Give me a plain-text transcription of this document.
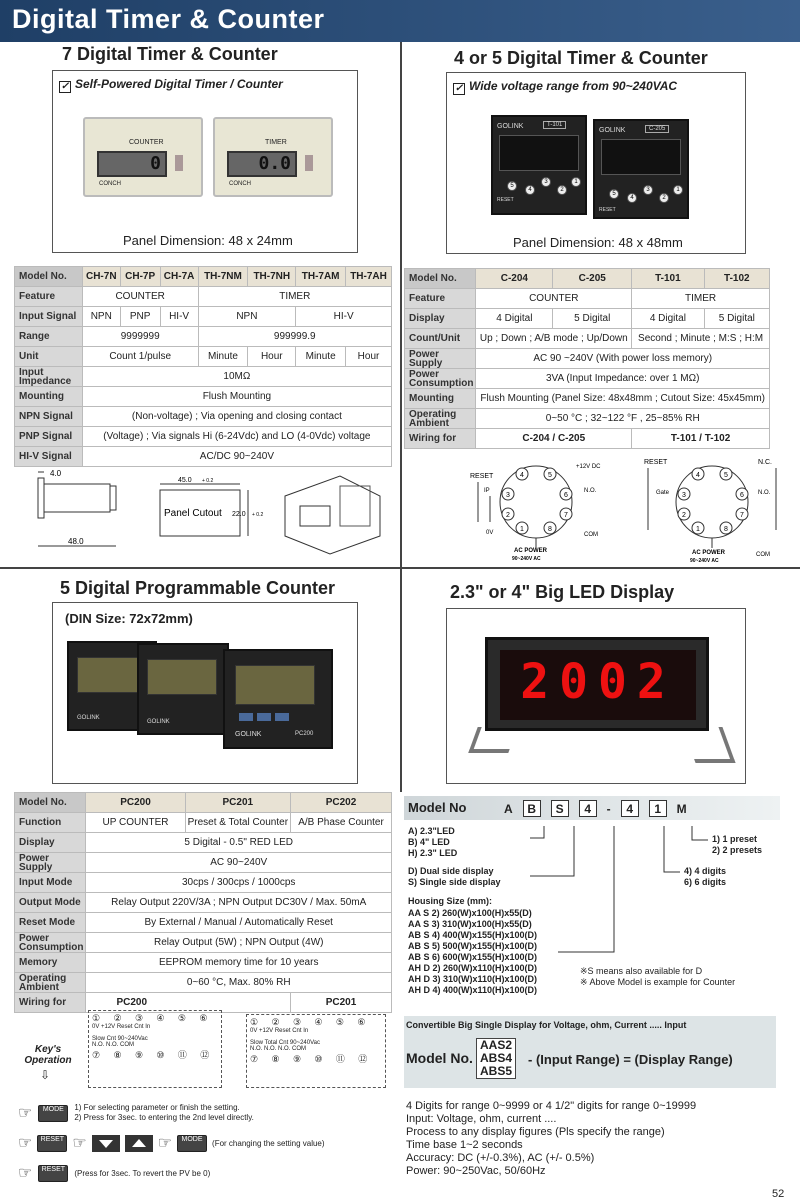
Digital Timer & Counter
7 Digital Timer & Counter
✓ Self-Powered Digital Timer / Counter
COUNTER
0
CONCH
TIMER
0.0
CONCH
Panel Dimension: 48 x 24mm
Model No.	CH-7N	CH-7P	CH-7A	TH-7NM	TH-7NH	TH-7AM	TH-7AH
Feature	COUNTER			TIMER			
Input Signal	NPN	PNP	HI-V	NPN		HI-V	
Range	9999999			999999.9			
Unit	Count 1/pulse			Minute	Hour	Minute	Hour
Input Impedance	10MΩ						
Mounting	Flush Mounting						
NPN Signal	(Non-voltage) ; Via opening and closing contact						
PNP Signal	(Voltage) ; Via signals Hi (6-24Vdc) and LO (4-0Vdc) voltage						
HI-V Signal	AC/DC 90~240V						
4.0
48.0
45.0 + 0.2
Panel Cutout 22.0 + 0.2
4 or 5 Digital Timer & Counter
✓ Wide voltage range from 90~240VAC
GOLINK	T-101
5
4
3
2
1
RESET
GOLINK	C-205
5
4
3
2
1
RESET
Panel Dimension: 48 x 48mm
Model No.	C-204	C-205	T-101	T-102
Feature	COUNTER		TIMER	
Display	4 Digital	5 Digital	4 Digital	5 Digital
Count/Unit	Up ; Down ; A/B mode ; Up/Down		Second ; Minute ; M:S ; H:M	
Power Supply	AC 90 ~240V (With power loss memory)			
Power Consumption	3VA (Input Impedance: over 1 MΩ)			
Mounting	Flush Mounting (Panel Size: 48x48mm ; Cutout Size: 45x45mm)			
Operating Ambient	0~50 °C ; 32~122 °F , 25~85% RH			
Wiring for	C-204 / C-205		T-101 / T-102	
4	5
6
7
8
1
2
3
RESET
IP
+12V DC
N.O.
COM
0V
AC POWER
90~240V AC
4	5
6
7
8
1
2
3
RESET	N.C.
Gate	N.O.
COM
AC POWER
90~240V AC
5 Digital Programmable Counter
(DIN Size: 72x72mm)
GOLINK
GOLINK
GOLINK	PC200
2.3" or 4" Big LED Display
2002
Model No.	PC200	PC201	PC202
Function	UP COUNTER	Preset & Total Counter	A/B Phase Counter
Display	5 Digital - 0.5" RED LED		
Power Supply	AC 90~240V		
Input Mode	30cps / 300cps / 1000cps		
Output Mode	Relay Output 220V/3A ; NPN Output DC30V / Max. 50mA		
Reset Mode	By External / Manual / Automatically Reset		
Power Consumption	Relay Output (5W) ; NPN Output (4W)		
Memory	EEPROM memory time for 10 years		
Operating Ambient	0~60 °C, Max. 80% RH		
Wiring for	PC200		PC201
① ② ③ ④ ⑤ ⑥
0V +12V Reset Cnt In
Slow Cnt 90~240Vac
N.O. N.O. COM
⑦ ⑧ ⑨ ⑩ ⑪ ⑫
① ② ③ ④ ⑤ ⑥
0V +12V Reset Cnt In
Slow Total Cnt 90~240Vac
N.O. N.O. N.O. COM
⑦ ⑧ ⑨ ⑩ ⑪ ⑫
Key's Operation
⇩
☞	MODE	1) For selecting parameter or finish the setting.
2) Press for 3sec. to entering the 2nd level directly.
☞	RESET ☞	☞	MODE	(For changing the setting value)
☞	RESET	(Press for 3sec. To revert the PV be 0)
Model No	A	B	S	4	-	4	1	M
A) 2.3"LED
B) 4" LED
H) 2.3" LED
D) Dual side display
S) Single side display
4) 4 digits
6) 6 digits
1) 1 preset
2) 2 presets
Housing Size (mm):
AA S 2) 260(W)x100(H)x55(D)
AA S 3) 310(W)x100(H)x55(D)
AB S 4) 400(W)x155(H)x100(D)
AB S 5) 500(W)x155(H)x100(D)
AB S 6) 600(W)x155(H)x100(D)
AH D 2) 260(W)x110(H)x100(D)
AH D 3) 310(W)x110(H)x100(D)
AH D 4) 400(W)x110(H)x100(D)
※S means also available for D
※ Above Model is example for Counter
Convertible Big Single Display for Voltage, ohm, Current ..... Input
Model No.
AAS2
ABS4
ABS5
- (Input Range) = (Display Range)
4 Digits for range 0~9999 or 4 1/2" digits for range 0~19999
Input: Voltage, ohm, current ....
Process to any display figures (Pls specify the range)
Time base 1~2 seconds
Accuracy: DC (+/-0.3%), AC (+/- 0.5%)
Power: 90~250Vac, 50/60Hz
52
